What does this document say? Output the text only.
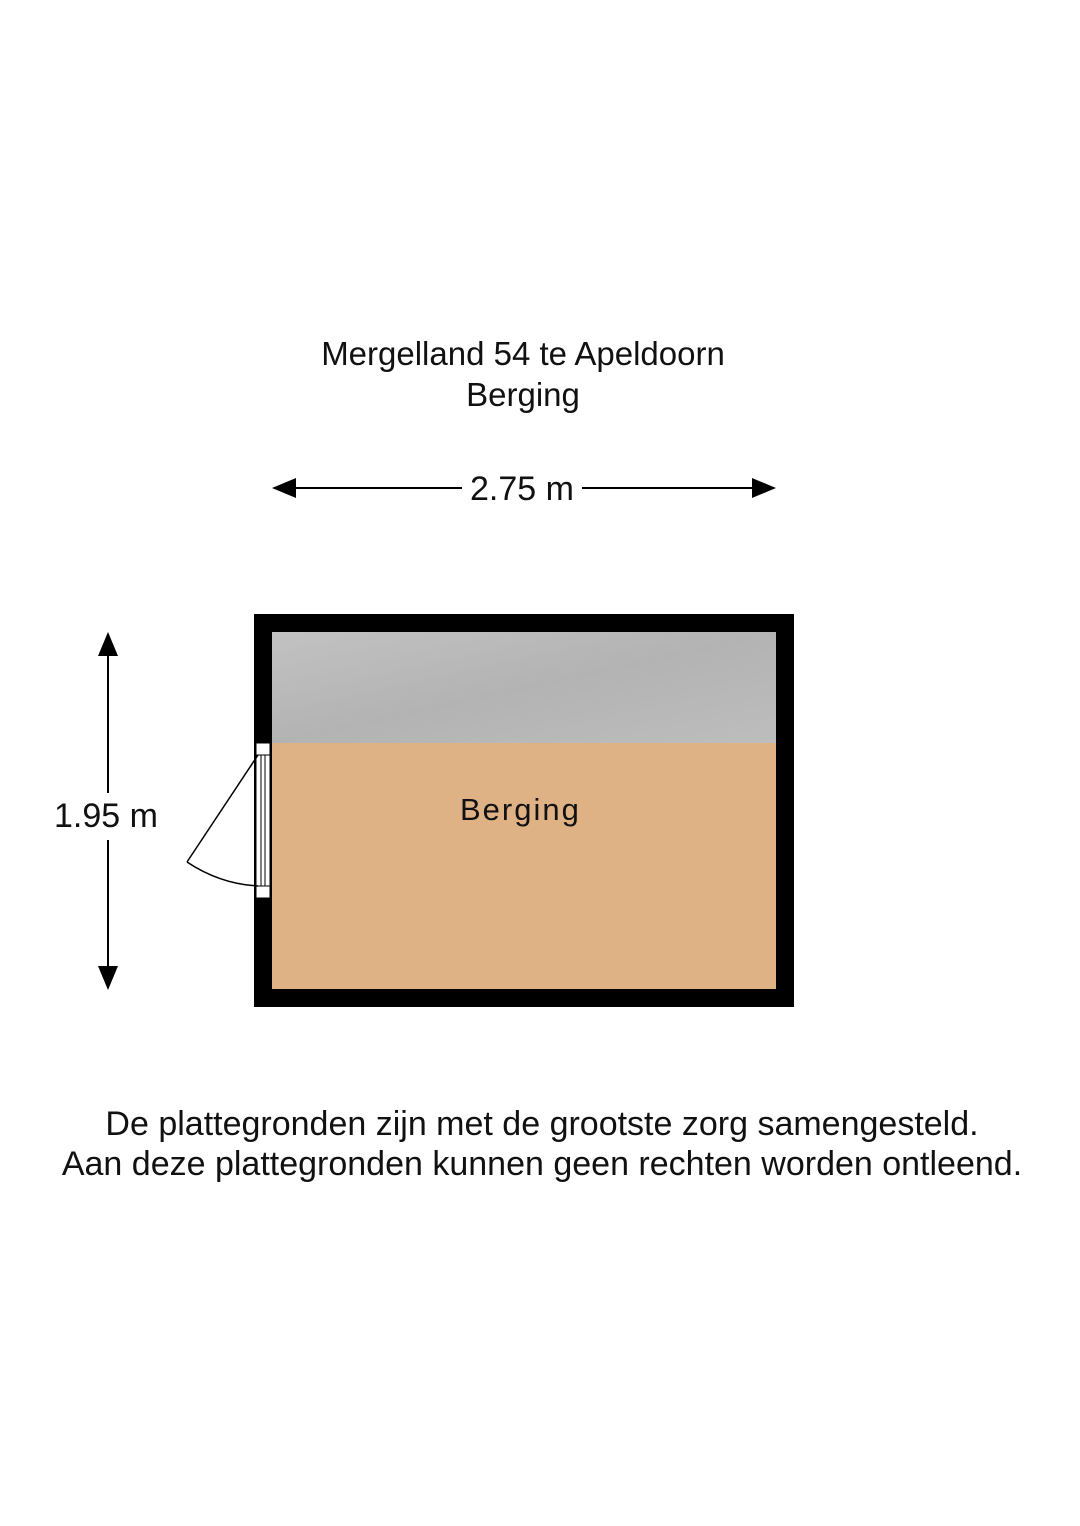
Mergelland 54 te Apeldoorn
Berging
2.75 m
1.95 m	Berging
De plattegronden zijn met de grootste zorg samengesteld.
Aan deze plattegronden kunnen geen rechten worden ontleend.
